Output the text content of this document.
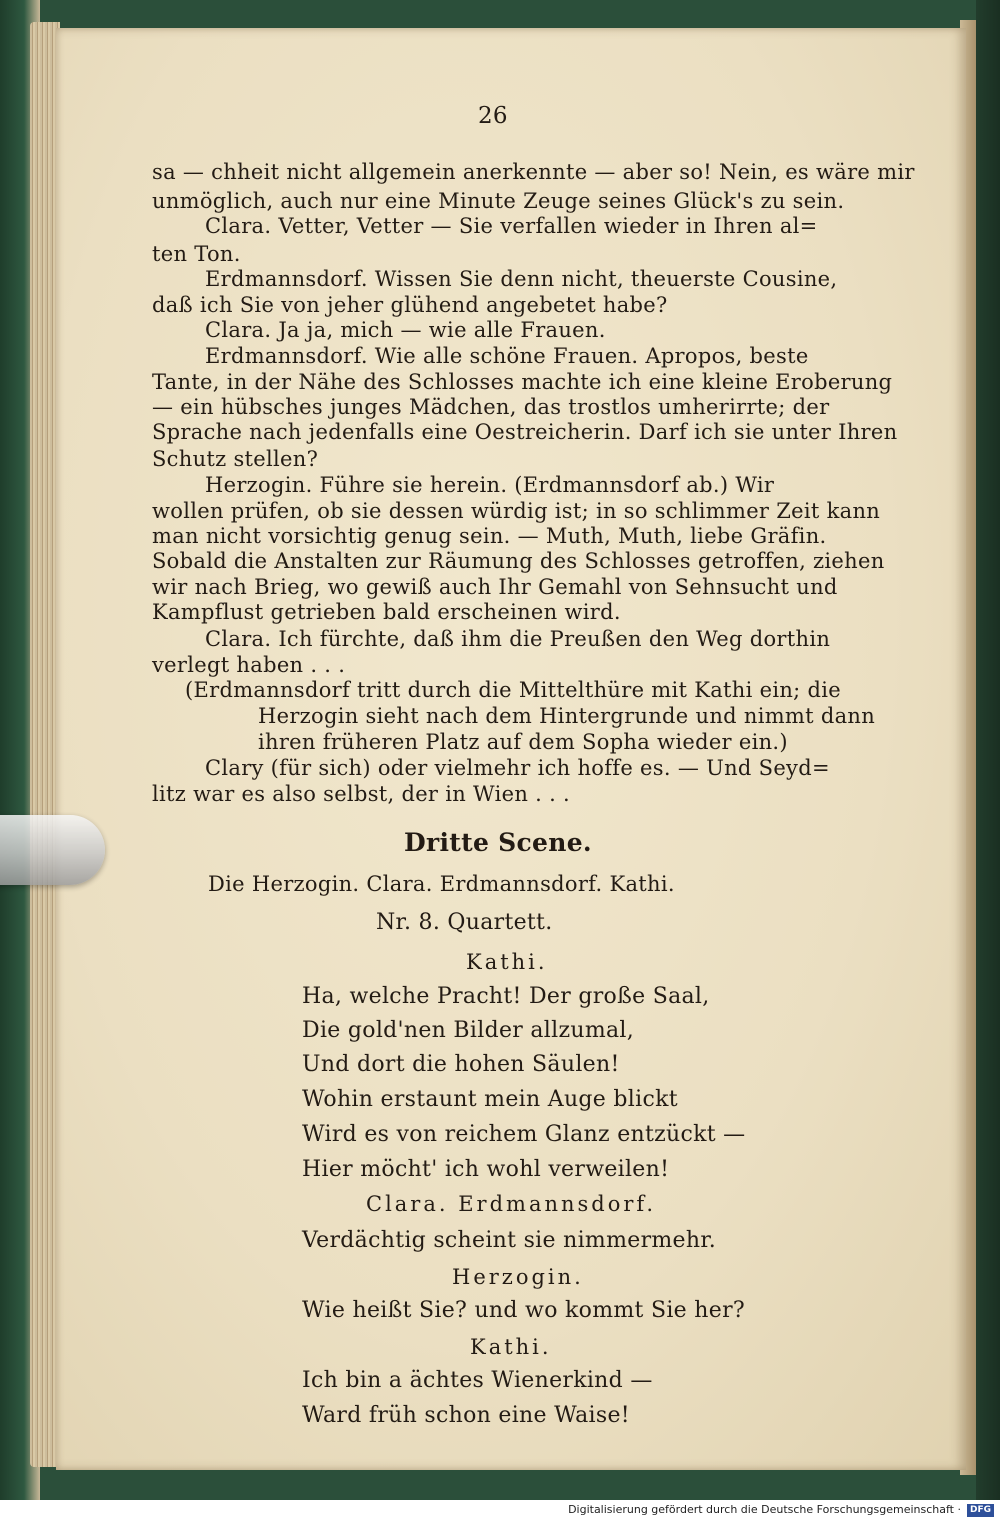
26
sa — chheit nicht allgemein anerkennte — aber so! Nein, es wäre mir
unmöglich, auch nur eine Minute Zeuge seines Glück's zu sein.
Clara. Vetter, Vetter — Sie verfallen wieder in Ihren al=
ten Ton.
Erdmannsdorf. Wissen Sie denn nicht, theuerste Cousine,
daß ich Sie von jeher glühend angebetet habe?
Clara. Ja ja, mich — wie alle Frauen.
Erdmannsdorf. Wie alle schöne Frauen. Apropos, beste
Tante, in der Nähe des Schlosses machte ich eine kleine Eroberung
— ein hübsches junges Mädchen, das trostlos umherirrte; der
Sprache nach jedenfalls eine Oestreicherin. Darf ich sie unter Ihren
Schutz stellen?
Herzogin. Führe sie herein. (Erdmannsdorf ab.) Wir
wollen prüfen, ob sie dessen würdig ist; in so schlimmer Zeit kann
man nicht vorsichtig genug sein. — Muth, Muth, liebe Gräfin.
Sobald die Anstalten zur Räumung des Schlosses getroffen, ziehen
wir nach Brieg, wo gewiß auch Ihr Gemahl von Sehnsucht und
Kampflust getrieben bald erscheinen wird.
Clara. Ich fürchte, daß ihm die Preußen den Weg dorthin
verlegt haben . . .
(Erdmannsdorf tritt durch die Mittelthüre mit Kathi ein; die
Herzogin sieht nach dem Hintergrunde und nimmt dann
ihren früheren Platz auf dem Sopha wieder ein.)
Clary (für sich) oder vielmehr ich hoffe es. — Und Seyd=
litz war es also selbst, der in Wien . . .
Dritte Scene.
Die Herzogin. Clara. Erdmannsdorf. Kathi.
Nr. 8. Quartett.
Kathi.
Ha, welche Pracht! Der große Saal,
Die gold'nen Bilder allzumal,
Und dort die hohen Säulen!
Wohin erstaunt mein Auge blickt
Wird es von reichem Glanz entzückt —
Hier möcht' ich wohl verweilen!
Clara. Erdmannsdorf.
Verdächtig scheint sie nimmermehr.
Herzogin.
Wie heißt Sie? und wo kommt Sie her?
Kathi.
Ich bin a ächtes Wienerkind —
Ward früh schon eine Waise!
Digitalisierung gefördert durch die Deutsche Forschungsgemeinschaft · DFG
